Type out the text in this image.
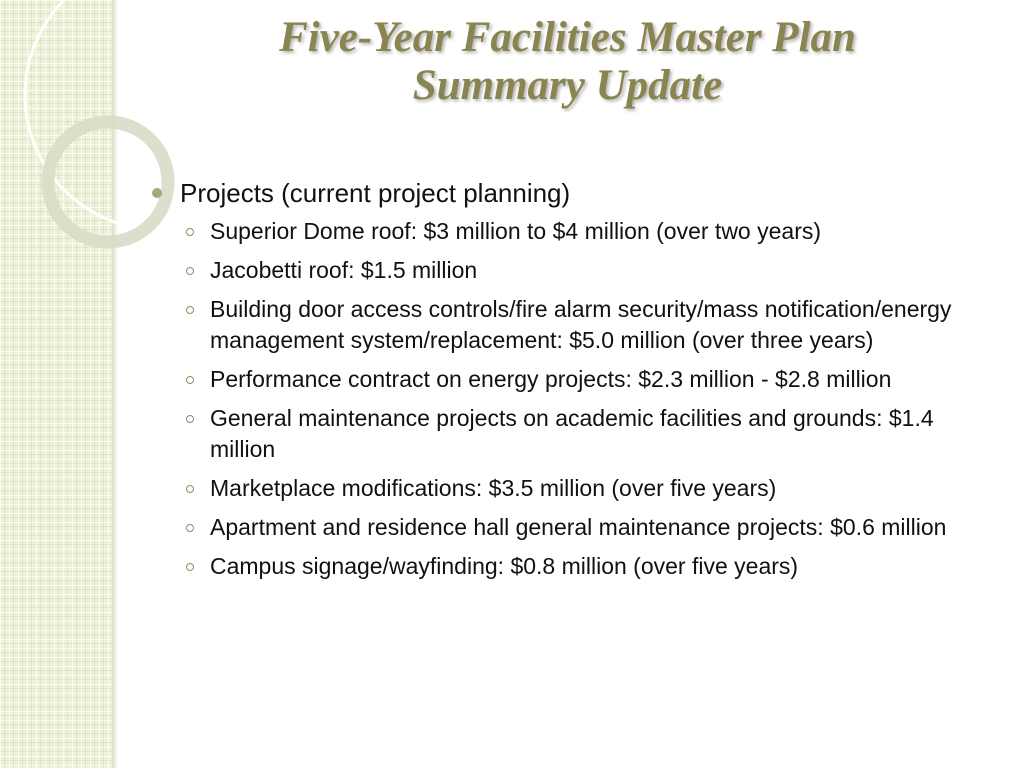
Five-Year Facilities Master Plan
Summary Update
Projects (current project planning)
Superior Dome roof: $3 million to $4 million (over two years)
Jacobetti roof: $1.5 million
Building door access controls/fire alarm security/mass notification/energy management system/replacement: $5.0 million (over three years)
Performance contract on energy projects: $2.3 million - $2.8 million
General maintenance projects on academic facilities and grounds: $1.4 million
Marketplace modifications: $3.5 million (over five years)
Apartment and residence hall general maintenance projects: $0.6 million
Campus signage/wayfinding: $0.8 million (over five years)
